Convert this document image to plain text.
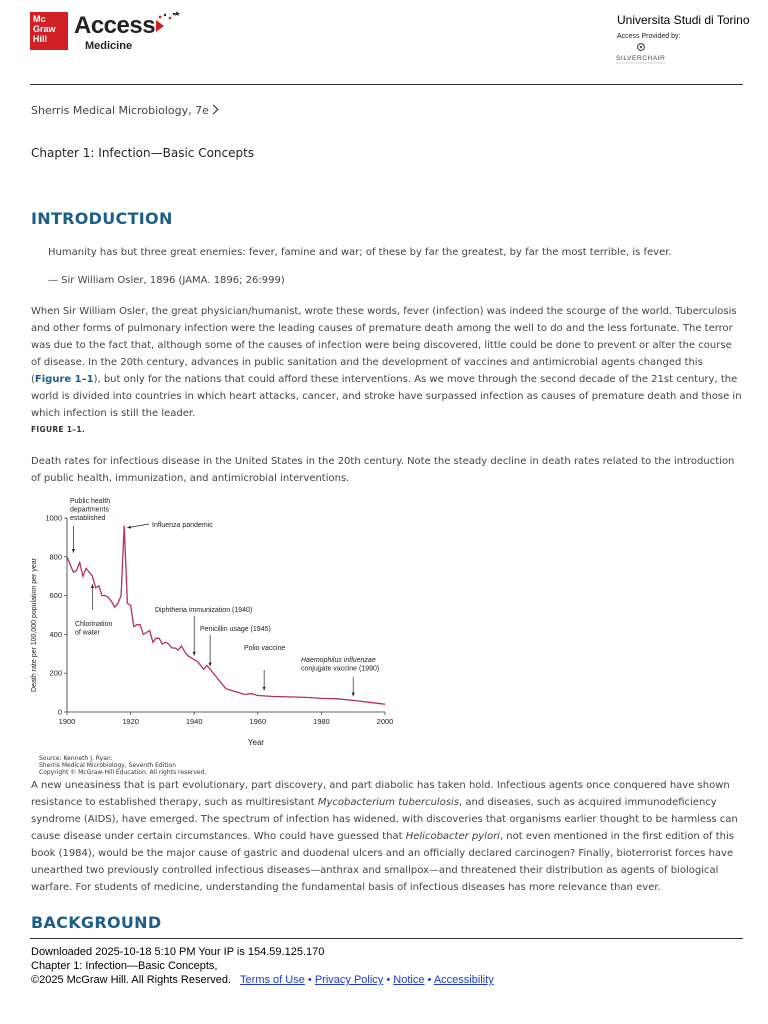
Mc
Graw
Hill	Access
Medicine
Universita Studi di Torino
Access Provided by:
SILVERCHAIR
Sherris Medical Microbiology, 7e
Chapter 1: Infection—Basic Concepts
INTRODUCTION
Humanity has but three great enemies: fever, famine and war; of these by far the greatest, by far the most terrible, is fever.
— Sir William Osler, 1896 (JAMA. 1896; 26:999)

When Sir William Osler, the great physician/humanist, wrote these words, fever (infection) was indeed the scourge of the world. Tuberculosis and other forms of pulmonary infection were the leading causes of premature death among the well to do and the less fortunate. The terror was due to the fact that, although some of the causes of infection were being discovered, little could be done to prevent or alter the course of disease. In the 20th century, advances in public sanitation and the development of vaccines and antimicrobial agents changed this (Figure 1–1), but only for the nations that could afford these interventions. As we move through the second decade of the 21st century, the world is divided into countries in which heart attacks, cancer, and stroke have surpassed infection as causes of premature death and those in which infection is still the leader.

FIGURE 1–1.

Death rates for infectious disease in the United States in the 20th century. Note the steady decline in death rates related to the introduction of public health, immunization, and antimicrobial interventions.

0
200
400
600
800
1000
1900	1920	1940	1960	1980	2000
Year
Death rate per 100,000 population per year
Public health
departments
established
Influenza pandemic
Chlorination
of water
Diphtheria immunization (1940)
Penicillin usage (1945)
Polio vaccine
Haemophilus influenzae
conjugate vaccine (1990)
Source: Kenneth J. Ryan:
Sherris Medical Microbiology, Seventh Edition
Copyright © McGraw-Hill Education. All rights reserved.

A new uneasiness that is part evolutionary, part discovery, and part diabolic has taken hold. Infectious agents once conquered have shown resistance to established therapy, such as multiresistant Mycobacterium tuberculosis, and diseases, such as acquired immunodeficiency syndrome (AIDS), have emerged. The spectrum of infection has widened, with discoveries that organisms earlier thought to be harmless can cause disease under certain circumstances. Who could have guessed that Helicobacter pylori, not even mentioned in the first edition of this book (1984), would be the major cause of gastric and duodenal ulcers and an officially declared carcinogen? Finally, bioterrorist forces have unearthed two previously controlled infectious diseases—anthrax and smallpox—and threatened their distribution as agents of biological warfare. For students of medicine, understanding the fundamental basis of infectious diseases has more relevance than ever.

BACKGROUND
Downloaded 2025-10-18 5:10 PM Your IP is 154.59.125.170
Chapter 1: Infection—Basic Concepts,
©2025 McGraw Hill. All Rights Reserved. Terms of Use • Privacy Policy • Notice • Accessibility
